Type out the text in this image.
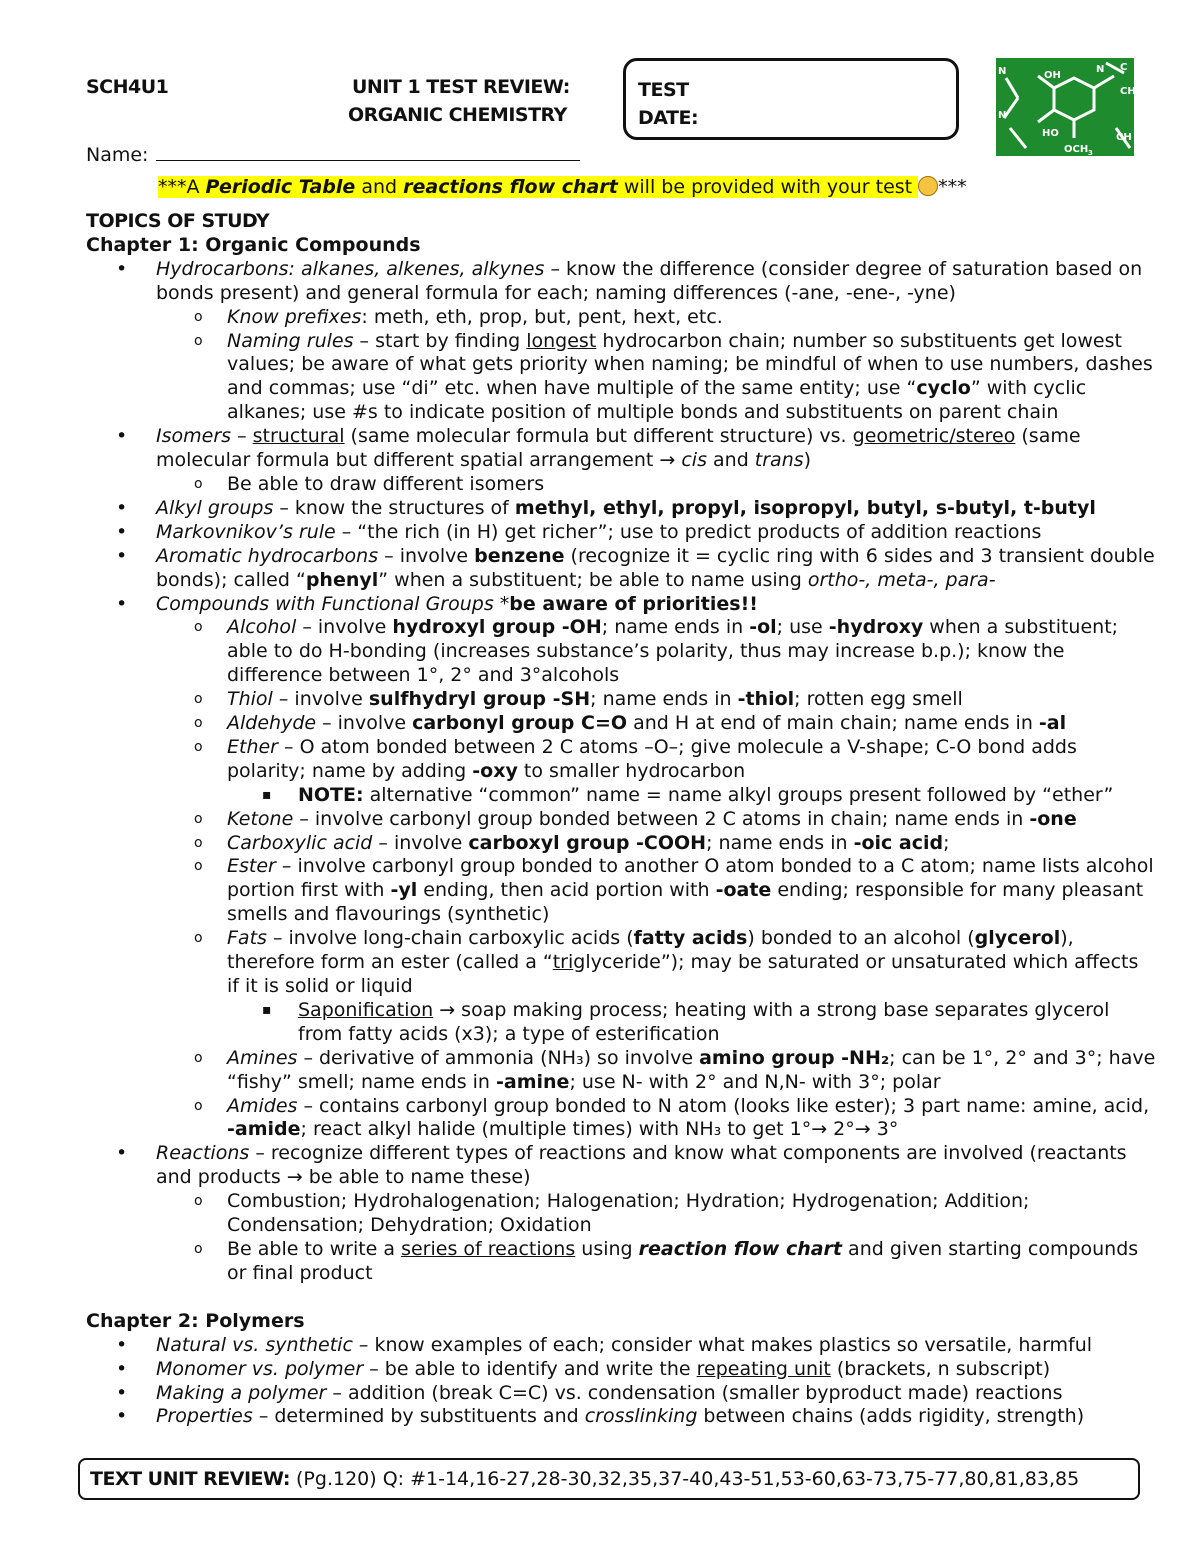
SCH4U1	UNIT 1 TEST REVIEW:
ORGANIC CHEMISTRY
TEST
DATE:
OH
N C
CH
N
N
HO
OCH 3
CH
Name:
***A Periodic Table and reactions flow chart will be provided with your test ***
TOPICS OF STUDY
Chapter 1: Organic Compounds
• Hydrocarbons: alkanes, alkenes, alkynes – know the difference (consider degree of saturation based on bonds present) and general formula for each; naming differences (-ane, -ene-, -yne)
o Know prefixes: meth, eth, prop, but, pent, hext, etc.
o Naming rules – start by finding longest hydrocarbon chain; number so substituents get lowest values; be aware of what gets priority when naming; be mindful of when to use numbers, dashes and commas; use “di” etc. when have multiple of the same entity; use “cyclo” with cyclic alkanes; use #s to indicate position of multiple bonds and substituents on parent chain
• Isomers – structural (same molecular formula but different structure) vs. geometric/stereo (same molecular formula but different spatial arrangement → cis and trans)
o Be able to draw different isomers
• Alkyl groups – know the structures of methyl, ethyl, propyl, isopropyl, butyl, s-butyl, t-butyl
• Markovnikov’s rule – “the rich (in H) get richer”; use to predict products of addition reactions
• Aromatic hydrocarbons – involve benzene (recognize it = cyclic ring with 6 sides and 3 transient double bonds); called “phenyl” when a substituent; be able to name using ortho-, meta-, para-
• Compounds with Functional Groups *be aware of priorities!!
o Alcohol – involve hydroxyl group -OH; name ends in -ol; use -hydroxy when a substituent; able to do H-bonding (increases substance’s polarity, thus may increase b.p.); know the difference between 1°, 2° and 3°alcohols
o Thiol – involve sulfhydryl group -SH; name ends in -thiol; rotten egg smell
o Aldehyde – involve carbonyl group C=O and H at end of main chain; name ends in -al
o Ether – O atom bonded between 2 C atoms –O–; give molecule a V-shape; C-O bond adds polarity; name by adding -oxy to smaller hydrocarbon
▪ NOTE: alternative “common” name = name alkyl groups present followed by “ether”
o Ketone – involve carbonyl group bonded between 2 C atoms in chain; name ends in -one
o Carboxylic acid – involve carboxyl group -COOH; name ends in -oic acid;
o Ester – involve carbonyl group bonded to another O atom bonded to a C atom; name lists alcohol portion first with -yl ending, then acid portion with -oate ending; responsible for many pleasant smells and flavourings (synthetic)
o Fats – involve long-chain carboxylic acids (fatty acids) bonded to an alcohol (glycerol), therefore form an ester (called a “triglyceride”); may be saturated or unsaturated which affects if it is solid or liquid
▪ Saponification → soap making process; heating with a strong base separates glycerol from fatty acids (x3); a type of esterification
o Amines – derivative of ammonia (NH₃) so involve amino group -NH₂; can be 1°, 2° and 3°; have “fishy” smell; name ends in -amine; use N- with 2° and N,N- with 3°; polar
o Amides – contains carbonyl group bonded to N atom (looks like ester); 3 part name: amine, acid, -amide; react alkyl halide (multiple times) with NH₃ to get 1°→ 2°→ 3°
• Reactions – recognize different types of reactions and know what components are involved (reactants and products → be able to name these)
o Combustion; Hydrohalogenation; Halogenation; Hydration; Hydrogenation; Addition; Condensation; Dehydration; Oxidation
o Be able to write a series of reactions using reaction flow chart and given starting compounds or final product
Chapter 2: Polymers
• Natural vs. synthetic – know examples of each; consider what makes plastics so versatile, harmful
• Monomer vs. polymer – be able to identify and write the repeating unit (brackets, n subscript)
• Making a polymer – addition (break C=C) vs. condensation (smaller byproduct made) reactions
• Properties – determined by substituents and crosslinking between chains (adds rigidity, strength)
TEXT UNIT REVIEW: (Pg.120) Q: #1-14,16-27,28-30,32,35,37-40,43-51,53-60,63-73,75-77,80,81,83,85
